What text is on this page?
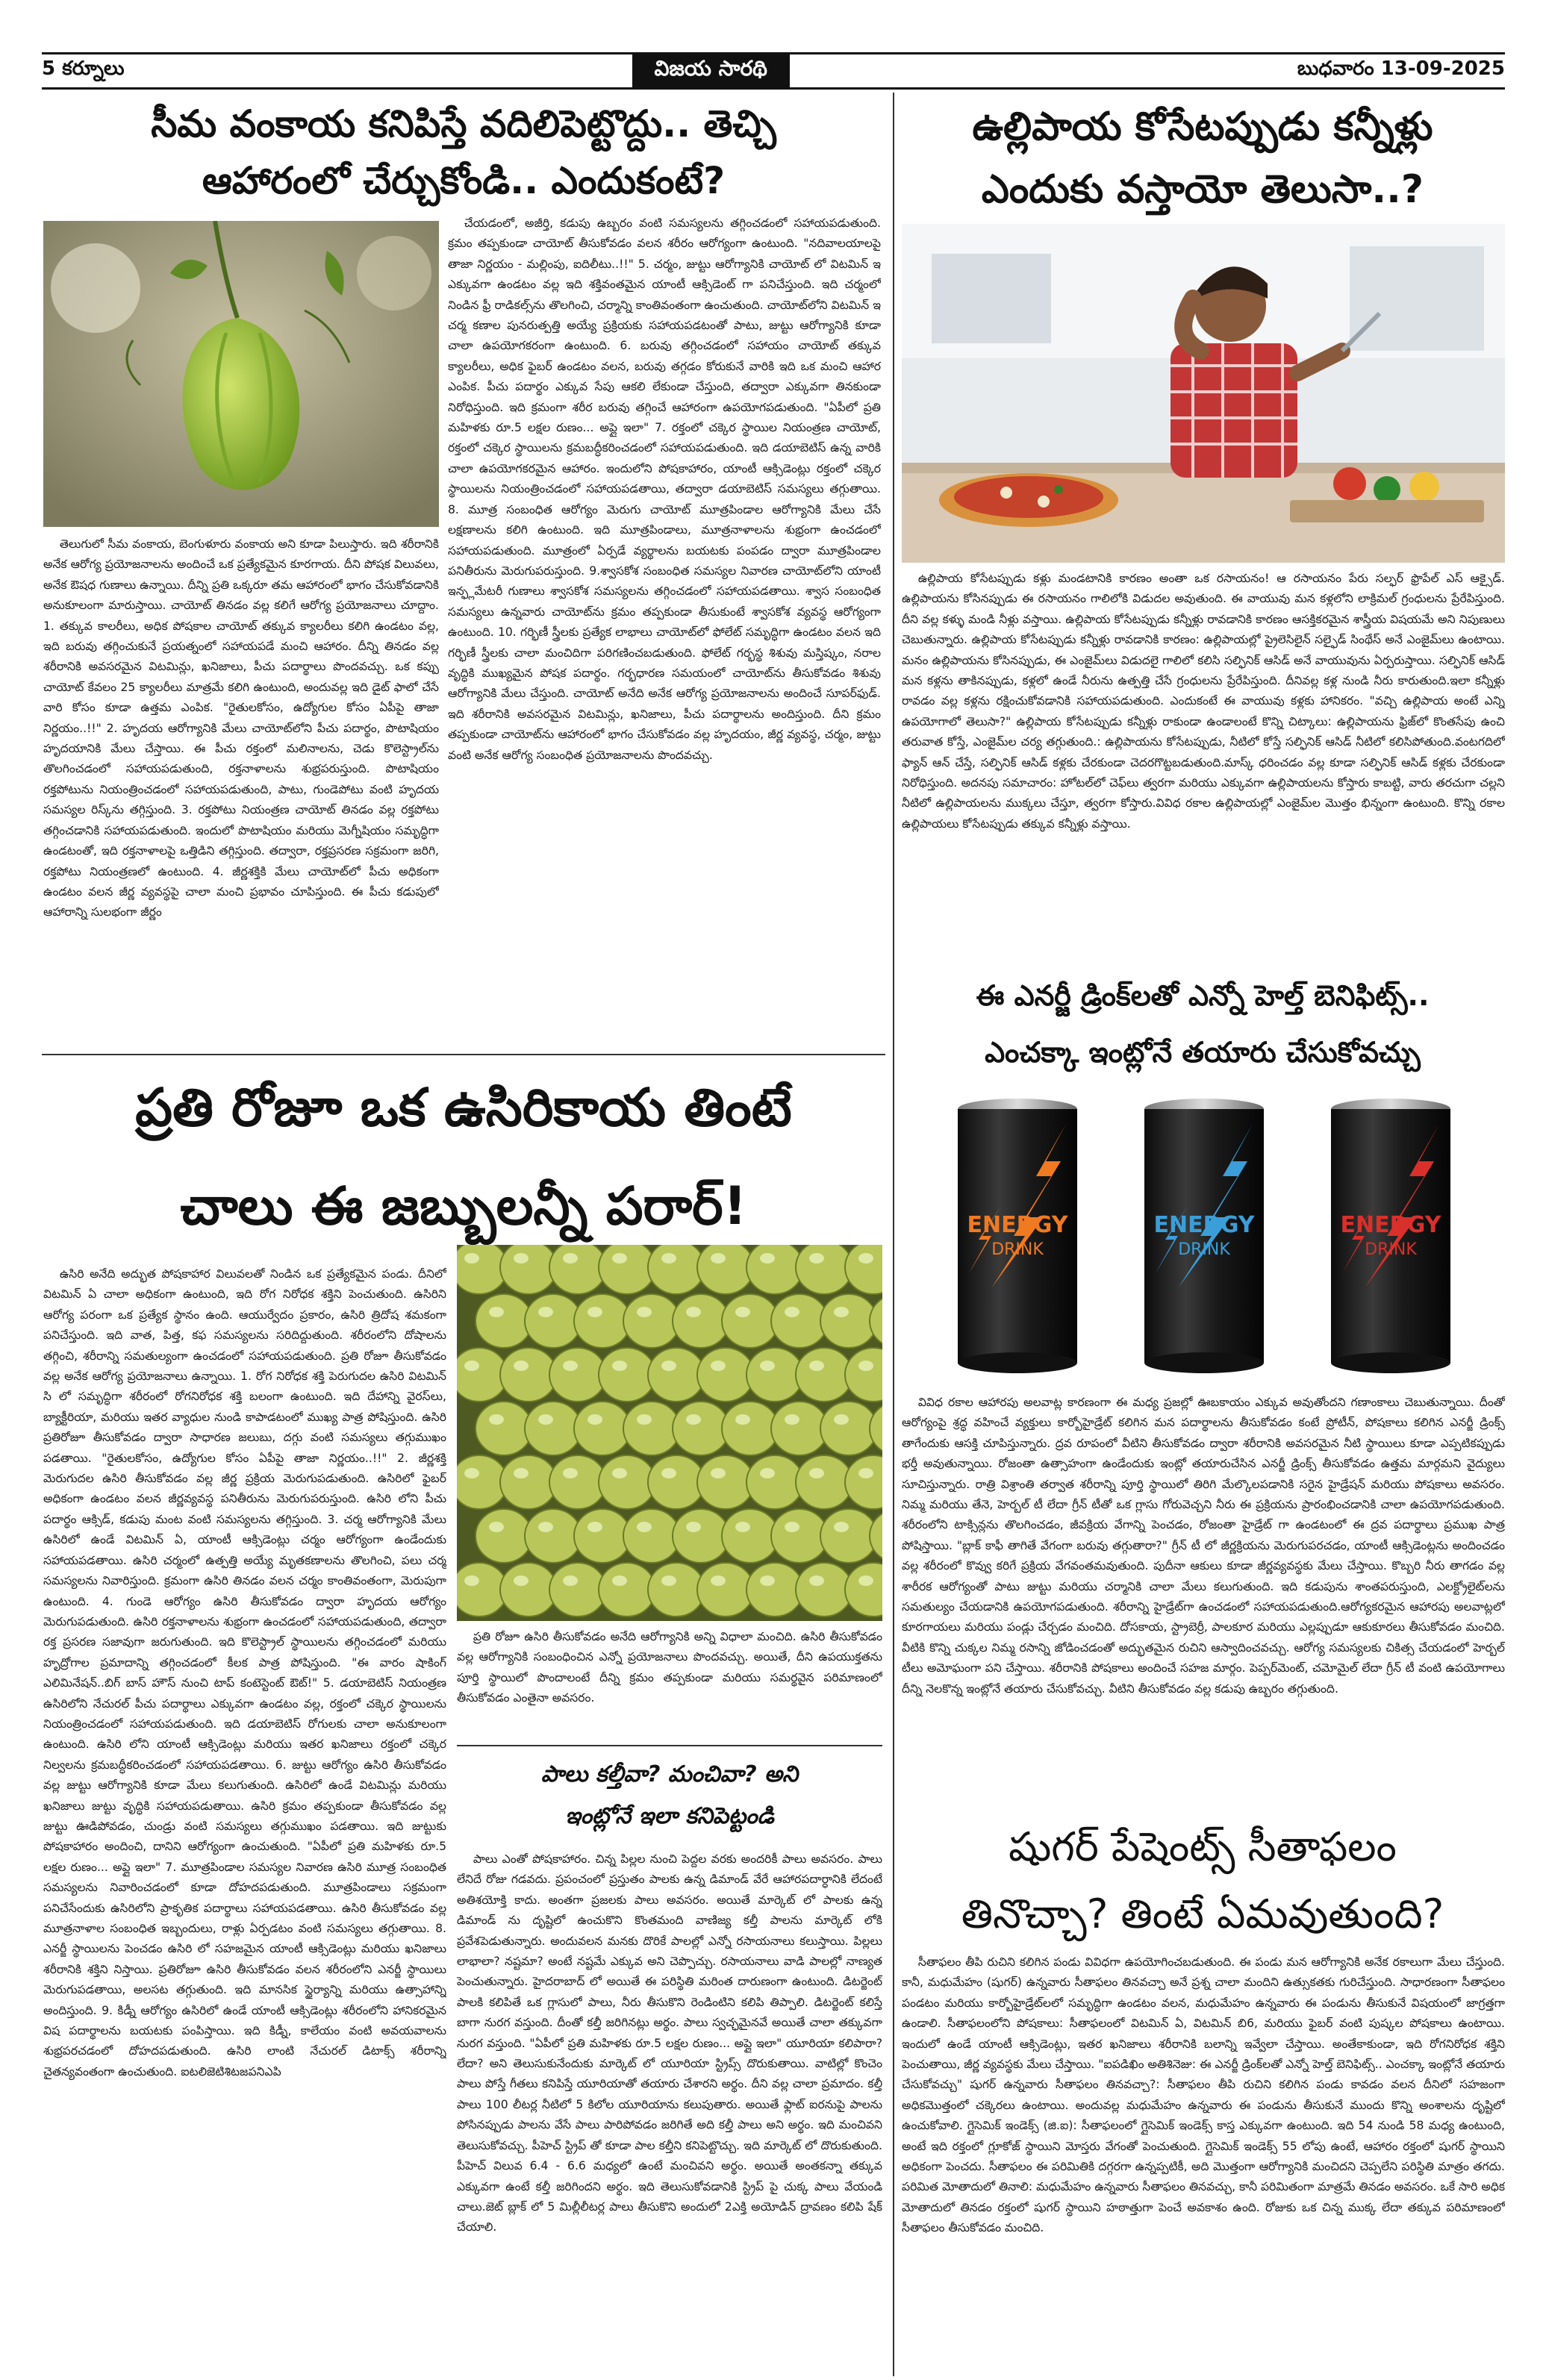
5 కర్నూలు	విజయ సారథి	బుధవారం 13-09-2025
సీమ వంకాయ కనిపిస్తే వదిలిపెట్టొద్దు.. తెచ్చి
ఆహారంలో చేర్చుకోండి.. ఎందుకంటే?

చేయడంలో, అజీర్తి, కడుపు ఉబ్బరం వంటి సమస్యలను తగ్గించడంలో సహాయపడుతుంది. క్రమం తప్పకుండా చాయోట్ తీసుకోవడం వలన శరీరం ఆరోగ్యంగా ఉంటుంది. "నదివాలయాలపై తాజా నిర్ణయం - మల్లింపు, ఐదిలీటు..!!" 5. చర్మం, జుట్టు ఆరోగ్యానికి చాయోట్ లో విటమిన్ ఇ ఎక్కువగా ఉండటం వల్ల ఇది శక్తివంతమైన యాంటీ ఆక్సిడెంట్ గా పనిచేస్తుంది. ఇది చర్మంలో నిండిన ఫ్రీ రాడికల్స్‌ను తొలగించి, చర్మాన్ని కాంతివంతంగా ఉంచుతుంది. చాయోట్‌లోని విటమిన్ ఇ చర్మ కణాల పునరుత్పత్తి అయ్యే ప్రక్రియకు సహాయపడటంతో పాటు, జుట్టు ఆరోగ్యానికి కూడా చాలా ఉపయోగకరంగా ఉంటుంది. 6. బరువు తగ్గించడంలో సహాయం చాయోట్ తక్కువ క్యాలరీలు, అధిక ఫైబర్ ఉండటం వలన, బరువు తగ్గడం కోరుకునే వారికి ఇది ఒక మంచి ఆహార ఎంపిక. పీచు పదార్థం ఎక్కువ సేపు ఆకలి లేకుండా చేస్తుంది, తద్వారా ఎక్కువగా తినకుండా నిరోధిస్తుంది. ఇది క్రమంగా శరీర బరువు తగ్గించే ఆహారంగా ఉపయోగపడుతుంది. "ఏపీలో ప్రతి మహిళకు రూ.5 లక్షల రుణం... అప్లై ఇలా" 7. రక్తంలో చక్కెర స్థాయిల నియంత్రణ చాయోట్, రక్తంలో చక్కెర స్థాయిలను క్రమబద్ధీకరించడంలో సహాయపడుతుంది. ఇది డయాబెటిస్ ఉన్న వారికి చాలా ఉపయోగకరమైన ఆహారం. ఇందులోని పోషకాహారం, యాంటీ ఆక్సిడెంట్లు రక్తంలో చక్కెర స్థాయిలను నియంత్రించడంలో సహాయపడతాయి, తద్వారా డయాబెటిస్ సమస్యలు తగ్గుతాయి. 8. మూత్ర సంబంధిత ఆరోగ్యం మెరుగు చాయోట్ మూత్రపిండాల ఆరోగ్యానికి మేలు చేసే లక్షణాలను కలిగి ఉంటుంది. ఇది మూత్రపిండాలు, మూత్రనాళాలను శుభ్రంగా ఉంచడంలో సహాయపడుతుంది. మూత్రంలో ఏర్పడే వ్యర్థాలను బయటకు పంపడం ద్వారా మూత్రపిండాల పనితీరును మెరుగుపరుస్తుంది. 9.శ్వాసకోశ సంబంధిత సమస్యల నివారణ చాయోట్‌లోని యాంటీ ఇన్ఫ్లమేటరీ గుణాలు శ్వాసకోశ సమస్యలను తగ్గించడంలో సహాయపడతాయి. శ్వాస సంబంధిత సమస్యలు ఉన్నవారు చాయోట్‌ను క్రమం తప్పకుండా తీసుకుంటే శ్వాసకోశ వ్యవస్థ ఆరోగ్యంగా ఉంటుంది. 10. గర్భిణీ స్త్రీలకు ప్రత్యేక లాభాలు చాయోట్‌లో ఫోలేట్ సమృద్ధిగా ఉండటం వలన ఇది గర్భిణీ స్త్రీలకు చాలా మంచిదిగా పరిగణించబడుతుంది. ఫోలేట్ గర్భస్థ శిశువు మస్తిష్కం, నరాల వృద్ధికి ముఖ్యమైన పోషక పదార్థం. గర్భధారణ సమయంలో చాయోట్‌ను తీసుకోవడం శిశువు ఆరోగ్యానికి మేలు చేస్తుంది. చాయోట్ అనేది అనేక ఆరోగ్య ప్రయోజనాలను అందించే సూపర్‌ఫుడ్. ఇది శరీరానికి అవసరమైన విటమిన్లు, ఖనిజాలు, పీచు పదార్థాలను అందిస్తుంది. దీని క్రమం తప్పకుండా చాయోట్‌ను ఆహారంలో భాగం చేసుకోవడం వల్ల హృదయం, జీర్ణ వ్యవస్థ, చర్మం, జుట్టు వంటి అనేక ఆరోగ్య సంబంధిత ప్రయోజనాలను పొందవచ్చు.

తెలుగులో సీమ వంకాయ, బెంగుళూరు వంకాయ అని కూడా పిలుస్తారు. ఇది శరీరానికి అనేక ఆరోగ్య ప్రయోజనాలను అందించే ఒక ప్రత్యేకమైన కూరగాయ. దీని పోషక విలువలు, అనేక ఔషధ గుణాలు ఉన్నాయి. దీన్ని ప్రతి ఒక్కరూ తమ ఆహారంలో భాగం చేసుకోవడానికి అనుకూలంగా మారుస్తాయి. చాయోట్ తినడం వల్ల కలిగే ఆరోగ్య ప్రయోజనాలు చూద్దాం. 1. తక్కువ కాలరీలు, అధిక పోషకాల చాయోట్ తక్కువ క్యాలరీలు కలిగి ఉండటం వల్ల, ఇది బరువు తగ్గించుకునే ప్రయత్నంలో సహాయపడే మంచి ఆహారం. దీన్ని తినడం వల్ల శరీరానికి అవసరమైన విటమిన్లు, ఖనిజాలు, పీచు పదార్థాలు పొందవచ్చు. ఒక కప్పు చాయోట్ కేవలం 25 క్యాలరీలు మాత్రమే కలిగి ఉంటుంది, అందువల్ల ఇది డైట్ ఫాలో చేసే వారి కోసం కూడా ఉత్తమ ఎంపిక. "రైతులకోసం, ఉద్యోగుల కోసం ఏపీపై తాజా నిర్ణయం..!!" 2. హృదయ ఆరోగ్యానికి మేలు చాయోట్‌లోని పీచు పదార్థం, పొటాషియం హృదయానికి మేలు చేస్తాయి. ఈ పీచు రక్తంలో మలినాలను, చెడు కొలెస్ట్రాల్‌ను తొలగించడంలో సహాయపడుతుంది, రక్తనాళాలను శుభ్రపరుస్తుంది. పొటాషియం రక్తపోటును నియంత్రించడంలో సహాయపడుతుంది, పాటు, గుండెపోటు వంటి హృదయ సమస్యల రిస్క్‌ను తగ్గిస్తుంది. 3. రక్తపోటు నియంత్రణ చాయోట్ తినడం వల్ల రక్తపోటు తగ్గించడానికి సహాయపడుతుంది. ఇందులో పొటాషియం మరియు మెగ్నీషియం సమృద్ధిగా ఉండటంతో, ఇది రక్తనాళాలపై ఒత్తిడిని తగ్గిస్తుంది. తద్వారా, రక్తప్రసరణ సక్రమంగా జరిగి, రక్తపోటు నియంత్రణలో ఉంటుంది. 4. జీర్ణశక్తికి మేలు చాయోట్‌లో పీచు అధికంగా ఉండటం వలన జీర్ణ వ్యవస్థపై చాలా మంచి ప్రభావం చూపిస్తుంది. ఈ పీచు కడుపులో ఆహారాన్ని సులభంగా జీర్ణం

ప్రతి రోజూ ఒక ఉసిరికాయ తింటే
చాలు ఈ జబ్బులన్నీ పరార్!

ఉసిరి అనేది అద్భుత పోషకాహార విలువలతో నిండిన ఒక ప్రత్యేకమైన పండు. దీనిలో విటమిన్ ఏ చాలా అధికంగా ఉంటుంది, ఇది రోగ నిరోధక శక్తిని పెంచుతుంది. ఉసిరిని ఆరోగ్య పరంగా ఒక ప్రత్యేక స్థానం ఉంది. ఆయుర్వేదం ప్రకారం, ఉసిరి త్రిదోష శమకంగా పనిచేస్తుంది. ఇది వాత, పిత్త, కఫ సమస్యలను సరిదిద్దుతుంది. శరీరంలోని దోషాలను తగ్గించి, శరీరాన్ని సమతుల్యంగా ఉంచడంలో సహాయపడుతుంది. ప్రతి రోజూ తీసుకోవడం వల్ల అనేక ఆరోగ్య ప్రయోజనాలు ఉన్నాయి. 1. రోగ నిరోధక శక్తి పెరుగుదల ఉసిరి విటమిన్ సి లో సమృద్ధిగా శరీరంలో రోగనిరోధక శక్తి బలంగా ఉంటుంది. ఇది దేహాన్ని వైరస్‌లు, బ్యాక్టీరియా, మరియు ఇతర వ్యాధుల నుండి కాపాడటంలో ముఖ్య పాత్ర పోషిస్తుంది. ఉసిరి ప్రతిరోజూ తీసుకోవడం ద్వారా సాధారణ జలుబు, దగ్గు వంటి సమస్యలు తగ్గుముఖం పడతాయి. "రైతులకోసం, ఉద్యోగుల కోసం ఏపీపై తాజా నిర్ణయం..!!" 2. జీర్ణశక్తి మెరుగుదల ఉసిరి తీసుకోవడం వల్ల జీర్ణ ప్రక్రియ మెరుగుపడుతుంది. ఉసిరిలో ఫైబర్ అధికంగా ఉండటం వలన జీర్ణవ్యవస్థ పనితీరును మెరుగుపరుస్తుంది. ఉసిరి లోని పీచు పదార్థం ఆక్సిడ్, కడుపు మంట వంటి సమస్యలను తగ్గిస్తుంది. 3. చర్మ ఆరోగ్యానికి మేలు ఉసిరిలో ఉండే విటమిన్ ఏ, యాంటీ ఆక్సిడెంట్లు చర్మం ఆరోగ్యంగా ఉండేందుకు సహాయపడతాయి. ఉసిరి చర్మంలో ఉత్పత్తి అయ్యే మృతకణాలను తొలగించి, పలు చర్మ సమస్యలను నివారిస్తుంది. క్రమంగా ఉసిరి తినడం వలన చర్మం కాంతివంతంగా, మెరుపుగా ఉంటుంది. 4. గుండె ఆరోగ్యం ఉసిరి తీసుకోవడం ద్వారా హృదయ ఆరోగ్యం మెరుగుపడుతుంది. ఉసిరి రక్తనాళాలను శుభ్రంగా ఉంచడంలో సహాయపడుతుంది, తద్వారా రక్త ప్రసరణ సజావుగా జరుగుతుంది. ఇది కొలెస్ట్రాల్ స్థాయిలను తగ్గించడంలో మరియు హృద్రోగాల ప్రమాదాన్ని తగ్గించడంలో కీలక పాత్ర పోషిస్తుంది. "ఈ వారం షాకింగ్ ఎలిమినేషన్..బిగ్ బాస్ హౌస్ నుంచి టాప్ కంటెస్టెంట్ ఔట్!" 5. డయాబెటిస్ నియంత్రణ ఉసిరిలోని నేచురల్ పీచు పదార్థాలు ఎక్కువగా ఉండటం వల్ల, రక్తంలో చక్కెర స్థాయిలను నియంత్రించడంలో సహాయపడుతుంది. ఇది డయాబెటిస్ రోగులకు చాలా అనుకూలంగా ఉంటుంది. ఉసిరి లోని యాంటీ ఆక్సిడెంట్లు మరియు ఇతర ఖనిజాలు రక్తంలో చక్కెర నిల్వలను క్రమబద్ధీకరించడంలో సహాయపడతాయి. 6. జుట్టు ఆరోగ్యం ఉసిరి తీసుకోవడం వల్ల జుట్టు ఆరోగ్యానికి కూడా మేలు కలుగుతుంది. ఉసిరిలో ఉండే విటమిన్లు మరియు ఖనిజాలు జుట్టు వృద్ధికి సహాయపడుతాయి. ఉసిరి క్రమం తప్పకుండా తీసుకోవడం వల్ల జుట్టు ఊడిపోవడం, చుండ్రు వంటి సమస్యలు తగ్గుముఖం పడతాయి. ఇది జుట్టుకు పోషకాహారం అందించి, దానిని ఆరోగ్యంగా ఉంచుతుంది. "ఏపీలో ప్రతి మహిళకు రూ.5 లక్షల రుణం... అప్లై ఇలా" 7. మూత్రపిండాల సమస్యల నివారణ ఉసిరి మూత్ర సంబంధిత సమస్యలను నివారించడంలో కూడా దోహదపడుతుంది. మూత్రపిండాలు సక్రమంగా పనిచేసేందుకు ఉసిరిలోని ప్రాకృతిక పదార్థాలు సహాయపడతాయి. ఉసిరి తీసుకోవడం వల్ల మూత్రనాళాల సంబంధిత ఇబ్బందులు, రాళ్లు ఏర్పడటం వంటి సమస్యలు తగ్గుతాయి. 8. ఎనర్జీ స్థాయిలను పెంచడం ఉసిరి లో సహజమైన యాంటీ ఆక్సిడెంట్లు మరియు ఖనిజాలు శరీరానికి శక్తిని నిస్తాయి. ప్రతిరోజూ ఉసిరి తీసుకోవడం వలన శరీరంలోని ఎనర్జీ స్థాయిలు మెరుగుపడతాయి, అలసట తగ్గుతుంది. ఇది మానసిక స్థైర్యాన్ని మరియు ఉత్సాహాన్ని అందిస్తుంది. 9. కిడ్నీ ఆరోగ్యం ఉసిరిలో ఉండే యాంటీ ఆక్సిడెంట్లు శరీరంలోని హానికరమైన విష పదార్థాలను బయటకు పంపిస్తాయి. ఇది కిడ్నీ, కాలేయం వంటి అవయవాలను శుభ్రపరచడంలో దోహదపడుతుంది. ఉసిరి లాంటి నేచురల్ డిటాక్స్ శరీరాన్ని చైతన్యవంతంగా ఉంచుతుంది. ఐటలిజెటిశిటజపనిఎపి

ప్రతి రోజూ ఉసిరి తీసుకోవడం అనేది ఆరోగ్యానికి అన్ని విధాలా మంచిది. ఉసిరి తీసుకోవడం వల్ల ఆరోగ్యానికి సంబంధించిన ఎన్నో ప్రయోజనాలు పొందవచ్చు. అయితే, దీని ఉపయుక్తతను పూర్తి స్థాయిలో పొందాలంటే దీన్ని క్రమం తప్పకుండా మరియు సమర్థవైన పరిమాణంలో తీసుకోవడం ఎంతైనా అవసరం.

పాలు కల్తీవా? మంచివా? అని
ఇంట్లోనే ఇలా కనిపెట్టండి

పాలు ఎంతో పోషకాహారం. చిన్న పిల్లల నుంచి పెద్దల వరకు అందరికీ పాలు అవసరం. పాలు లేనిదే రోజు గడవదు. ప్రపంచంలో ప్రస్తుతం పాలకు ఉన్న డిమాండ్ వేరే ఆహారపదార్ధానికి లేదంటే అతిశయోక్తి కాదు. అంతగా ప్రజలకు పాలు అవసరం. అయితే మార్కెట్ లో పాలకు ఉన్న డిమాండ్ ను దృష్టిలో ఉంచుకొని కొంతమంది వాణిజ్య కల్తీ పాలను మార్కెట్ లోకి ప్రవేశపెడుతున్నారు. అందువలన మనకు దొరికే పాలల్లో ఎన్నో రసాయనాలు కలుస్తాయి. పిల్లలు లాభాలా? నష్టమా? అంటే నష్టమే ఎక్కువ అని చెప్పొచ్చు. రసాయనాలు వాడి పాలల్లో నాణ్యత పెంచుతున్నారు. హైదరాబాద్ లో అయితే ఈ పరిస్థితి మరింత దారుణంగా ఉంటుంది. డిటర్జెంట్ పాలకి కలిపితే ఒక గ్లాసులో పాలు, నీరు తీసుకొని రెండింటిని కలిపి తిప్పాలి. డిటర్జెంట్ కలిస్తే బాగా నురగ వస్తుంది. దీంతో కల్తీ జరిగినట్లు అర్థం. పాలు స్వచ్ఛమైనవే అయితే చాలా తక్కువగా నురగ వస్తుంది. "ఏపీలో ప్రతి మహిళకు రూ.5 లక్షల రుణం... అప్లై ఇలా" యూరియా కలిపారా? లేదా? అని తెలుసుకునేందుకు మార్కెట్ లో యూరియా స్ట్రిప్స్ దొరుకుతాయి. వాటిల్లో కొంచెం పాలు పోస్తే గీతలు కనిపిస్తే యూరియాతో తయారు చేశారని అర్థం. దీని వల్ల చాలా ప్రమాదం. కల్తీ పాలు 100 లీటర్ల నీటిలో 5 కిలోల యూరియాను కలుపుతారు. అయితే ఫ్లాట్ ఐరనుపై పాలను పోసినప్పుడు పాలను వేసే పాలు పారిపోవడం జరిగితే అది కల్తీ పాలు అని అర్థం. ఇది మంచివని తెలుసుకోవచ్చు. పీహెచ్ స్ట్రిప్ తో కూడా పాల కల్తీని కనిపెట్టొచ్చు. ఇది మార్కెట్ లో దొరుకుతుంది. పీహెచ్ విలువ 6.4 - 6.6 మధ్యలో ఉంటే మంచివని అర్థం. అయితే అంతకన్నా తక్కువ ఎక్కువగా ఉంటే కల్తీ జరిగిందని అర్థం. ఇది తెలుసుకోవడానికి స్ట్రిప్ పై చుక్క పాలు వేయండి చాలు.జెట్ బ్లాక్ లో 5 మిల్లీలీటర్ల పాలు తీసుకొని అందులో 2ఎక్తి అయోడిన్ ద్రావణం కలిపి షేక్ చేయాలి.

ఉల్లిపాయ కోసేటప్పుడు కన్నీళ్లు
ఎందుకు వస్తాయో తెలుసా..?

ఉల్లిపాయ కోసేటప్పుడు కళ్లు మండటానికి కారణం అంతా ఒక రసాయనం! ఆ రసాయనం పేరు సల్ఫర్ ఫ్రొపేల్ ఎస్ ఆక్సైడ్. ఉల్లిపాయను కోసినప్పుడు ఈ రసాయనం గాలిలోకి విడుదల అవుతుంది. ఈ వాయువు మన కళ్లలోని లాక్రిమల్ గ్రంధులను ప్రేరేపిస్తుంది. దీని వల్ల కళ్ళు మండి నీళ్లు వస్తాయి. ఉల్లిపాయ కోసేటప్పుడు కన్నీళ్లు రావడానికి కారణం ఆసక్తికరమైన శాస్త్రీయ విషయమే అని నిపుణులు చెబుతున్నారు. ఉల్లిపాయ కోసేటప్పుడు కన్నీళ్లు రావడానికి కారణం: ఉల్లిపాయల్లో ప్రైలెసిలైన్ సల్ఫైడ్ సింథేస్ అనే ఎంజైమ్‌లు ఉంటాయి. మనం ఉల్లిపాయను కోసినప్పుడు, ఈ ఎంజైమ్‌లు విడుదలై గాలిలో కలిసి సల్ఫినిక్ ఆసిడ్ అనే వాయువును ఏర్పరుస్తాయి. సల్ఫినిక్ ఆసిడ్ మన కళ్లను తాకినప్పుడు, కళ్లలో ఉండే నీరును ఉత్పత్తి చేసే గ్రంధులను ప్రేరేపిస్తుంది. దీనివల్ల కళ్ల నుండి నీరు కారుతుంది.ఇలా కన్నీళ్లు రావడం వల్ల కళ్లను రక్షించుకోవడానికి సహాయపడుతుంది. ఎందుకంటే ఈ వాయువు కళ్లకు హానికరం. "వచ్చి ఉల్లిపాయ అంటే ఎన్ని ఉపయోగాలో తెలుసా?" ఉల్లిపాయ కోసేటప్పుడు కన్నీళ్లు రాకుండా ఉండాలంటే కొన్ని చిట్కాలు: ఉల్లిపాయను ఫ్రిజ్‌లో కొంతసేపు ఉంచి తరువాత కోస్తే, ఎంజైమ్‌ల చర్య తగ్గుతుంది.: ఉల్లిపాయను కోసేటప్పుడు, నీటిలో కోస్తే సల్ఫినిక్ ఆసిడ్ నీటిలో కలిసిపోతుంది.వంటగదిలో ఫ్యాన్ ఆన్ చేస్తే, సల్ఫినిక్ ఆసిడ్ కళ్లకు చేరకుండా చెదరగొట్టబడుతుంది.మాస్క్ ధరించడం వల్ల కూడా సల్ఫినిక్ ఆసిడ్ కళ్లకు చేరకుండా నిరోధిస్తుంది. అదనపు సమాచారం: హోటల్‌లో చెఫ్‌లు త్వరగా మరియు ఎక్కువగా ఉల్లిపాయలను కోస్తారు కాబట్టి, వారు తరచుగా చల్లని నీటిలో ఉల్లిపాయలను ముక్కలు చేస్తూ, త్వరగా కోస్తారు.వివిధ రకాల ఉల్లిపాయల్లో ఎంజైమ్‌ల మొత్తం భిన్నంగా ఉంటుంది. కొన్ని రకాల ఉల్లిపాయలు కోసేటప్పుడు తక్కువ కన్నీళ్లు వస్తాయి.

ఈ ఎనర్జీ డ్రింక్‌లతో ఎన్నో హెల్త్ బెనిఫిట్స్..
ఎంచక్కా ఇంట్లోనే తయారు చేసుకోవచ్చు
ENERGY
DRINK
ENERGY
DRINK
ENERGY
DRINK

వివిధ రకాల ఆహారపు అలవాట్ల కారణంగా ఈ మధ్య ప్రజల్లో ఊబకాయం ఎక్కువ అవుతోందని గణాంకాలు చెబుతున్నాయి. దీంతో ఆరోగ్యంపై శ్రద్ధ వహించే వ్యక్తులు కార్బోహైడ్రేట్ కలిగిన మన పదార్థాలను తీసుకోవడం కంటే ప్రోటీన్, పోషకాలు కలిగిన ఎనర్జీ డ్రింక్స్‌ తాగేందుకు ఆసక్తి చూపిస్తున్నారు. ద్రవ రూపంలో వీటిని తీసుకోవడం ద్వారా శరీరానికి అవసరమైన నీటి స్థాయిలు కూడా ఎప్పటికప్పుడు భర్తీ అవుతున్నాయి. రోజంతా ఉత్సాహంగా ఉండేందుకు ఇంట్లో తయారుచేసిన ఎనర్జీ డ్రింక్స్ తీసుకోవడం ఉత్తమ మార్గమని వైద్యులు సూచిస్తున్నారు. రాత్రి విశ్రాంతి తర్వాత శరీరాన్ని పూర్తి స్థాయిలో తిరిగి మేల్కొలపడానికి సరైన హైడ్రేషన్ మరియు పోషకాలు అవసరం. నిమ్మ మరియు తేనె, హెర్బల్ టీ లేదా గ్రీన్ టీతో ఒక గ్లాసు గోరువెచ్చని నీరు ఈ ప్రక్రియను ప్రారంభించడానికి చాలా ఉపయోగపడుతుంది. శరీరంలోని టాక్సిన్లను తొలగించడం, జీవక్రియ వేగాన్ని పెంచడం, రోజంతా హైడ్రేట్ గా ఉండటంలో ఈ ద్రవ పదార్థాలు ప్రముఖ పాత్ర పోషిస్తాయి. "బ్లాక్ కాఫీ తాగితే వేగంగా బరువు తగ్గుతారా?" గ్రీన్ టీ లో జీర్ణక్రియను మెరుగుపరచడం, యాంటీ ఆక్సిడెంట్లను అందించడం వల్ల శరీరంలో కొవ్వు కరిగే ప్రక్రియ వేగవంతమవుతుంది. పుదీనా ఆకులు కూడా జీర్ణవ్యవస్థకు మేలు చేస్తాయి. కొబ్బరి నీరు తాగడం వల్ల శారీరక ఆరోగ్యంతో పాటు జుట్టు మరియు చర్మానికి చాలా మేలు కలుగుతుంది. ఇది కడుపును శాంతపరుస్తుంది, ఎలక్ట్రోలైట్‌లను సమతుల్యం చేయడానికి ఉపయోగపడుతుంది. శరీరాన్ని హైడ్రేట్‌గా ఉంచడంలో సహాయపడుతుంది.ఆరోగ్యకరమైన ఆహారపు అలవాట్లలో కూరగాయలు మరియు పండ్లు చేర్చడం మంచిది. దోసకాయ, స్ట్రాబెర్రీ, పాలకూర మరియు ఎల్లప్పుడూ ఆకుకూరలు తీసుకోవడం మంచిది. వీటికి కొన్ని చుక్కల నిమ్మ రసాన్ని జోడించడంతో అద్భుతమైన రుచిని ఆస్వాదించవచ్చు. ఆరోగ్య సమస్యలకు చికిత్స చేయడంలో హెర్బల్ టీలు అమోఘంగా పని చేస్తాయి. శరీరానికి పోషకాలు అందించే సహజ మార్గం. పెప్పర్‌మెంట్, చమోమైల్ లేదా గ్రీన్ టీ వంటి ఉపయోగాలు దీన్ని నెలకొన్న ఇంట్లోనే తయారు చేసుకోవచ్చు. వీటిని తీసుకోవడం వల్ల కడుపు ఉబ్బరం తగ్గుతుంది.

షుగర్ పేషెంట్స్ సీతాఫలం
తినొచ్చా? తింటే ఏమవుతుంది?

సీతాఫలం తీపి రుచిని కలిగిన పండు వివిధగా ఉపయోగించబడుతుంది. ఈ పండు మన ఆరోగ్యానికి అనేక రకాలుగా మేలు చేస్తుంది. కానీ, మధుమేహం (షుగర్) ఉన్నవారు సీతాఫలం తినవచ్చా అనే ప్రశ్న చాలా మందిని ఉత్సుకతకు గురిచేస్తుంది. సాధారణంగా సీతాఫలం పండటం మరియు కార్బోహైడ్రేట్‌లలో సమృద్ధిగా ఉండటం వలన, మధుమేహం ఉన్నవారు ఈ పండును తీసుకునే విషయంలో జాగ్రత్తగా ఉండాలి. సీతాఫలంలోని పోషకాలు: సీతాఫలంలో విటమిన్ ఏ, విటమిన్ బి6, మరియు ఫైబర్ వంటి పుష్కల పోషకాలు ఉంటాయి. ఇందులో ఉండే యాంటీ ఆక్సిడెంట్లు, ఇతర ఖనిజాలు శరీరానికి బలాన్ని ఇవ్వేలా చేస్తాయి. అంతేకాకుండా, ఇది రోగనిరోధక శక్తిని పెంచుతాయి, జీర్ణ వ్యవస్థకు మేలు చేస్తాయి. "ఐపడిఖిం అతిశినెజు: ఈ ఎనర్జీ డ్రింక్‌లతో ఎన్నో హెల్త్ బెనిఫిట్స్.. ఎంచక్కా ఇంట్లోనే తయారు చేసుకోవచ్చు" షుగర్ ఉన్నవారు సీతాఫలం తినవచ్చా?: సీతాఫలం తీపి రుచిని కలిగిన పండు కావడం వలన దీనిలో సహజంగా అధికమొత్తంలో చక్కెరలు ఉంటాయి. అందువల్ల మధుమేహం ఉన్నవారు ఈ పండును తీసుకునే ముందు కొన్ని అంశాలను దృష్టిలో ఉంచుకోవాలి. గ్లైసెమిక్ ఇండెక్స్ (జి.ఐ): సీతాఫలంలో గ్లైసెమిక్ ఇండెక్స్ కాస్త ఎక్కువగా ఉంటుంది. ఇది 54 నుండి 58 మధ్య ఉంటుంది, అంటే ఇది రక్తంలో గ్లూకోజ్ స్థాయిని మోస్తరు వేగంతో పెంచుతుంది. గ్లైసెమిక్ ఇండెక్స్ 55 లోపు ఉంటే, ఆహారం రక్తంలో షుగర్ స్థాయిని అధికంగా పెంచదు. సీతాఫలం ఈ పరిమితికి దగ్గరగా ఉన్నప్పటికీ, అది మొత్తంగా ఆరోగ్యానికి మంచిదని చెప్పలేని పరిస్థితి మాత్రం తగదు. పరిమిత మోతాదులో తినాలి: మధుమేహం ఉన్నవారు సీతాఫలం తినవచ్చు, కానీ పరిమితంగా మాత్రమే తినడం అవసరం. ఒకే సారి అధిక మోతాదులో తినడం రక్తంలో షుగర్ స్థాయిని హఠాత్తుగా పెంచే అవకాశం ఉంది. రోజుకు ఒక చిన్న ముక్క లేదా తక్కువ పరిమాణంలో సీతాఫలం తీసుకోవడం మంచిది.
